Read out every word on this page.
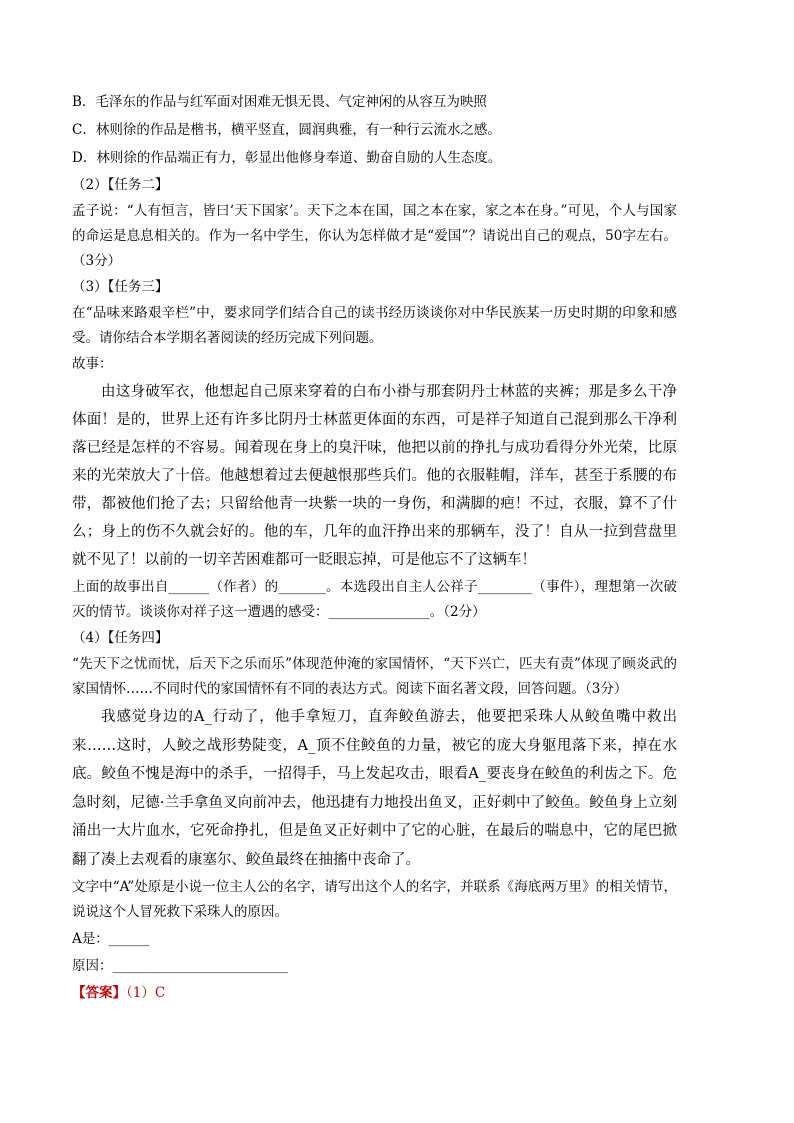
B．毛泽东的作品与红军面对困难无惧无畏、气定神闲的从容互为映照
C．林则徐的作品是楷书，横平竖直，圆润典雅，有一种行云流水之感。
D．林则徐的作品端正有力，彰显出他修身奉道、勤奋自励的人生态度。
（2）【任务二】

孟子说：“人有恒言，皆曰‘天下国家’。天下之本在国，国之本在家，家之本在身。”可见，个人与国家的命运是息息相关的。作为一名中学生，你认为怎样做才是“爱国”？请说出自己的观点，50字左右。（3分）

（3）【任务三】

在“品味来路艰辛栏”中，要求同学们结合自己的读书经历谈谈你对中华民族某一历史时期的印象和感受。请你结合本学期名著阅读的经历完成下列问题。

故事：

由这身破军衣，他想起自己原来穿着的白布小褂与那套阴丹士林蓝的夹裤；那是多么干净体面！是的，世界上还有许多比阴丹士林蓝更体面的东西，可是祥子知道自己混到那么干净利落已经是怎样的不容易。闻着现在身上的臭汗味，他把以前的挣扎与成功看得分外光荣，比原来的光荣放大了十倍。他越想着过去便越恨那些兵们。他的衣服鞋帽，洋车，甚至于系腰的布带，都被他们抢了去；只留给他青一块紫一块的一身伤，和满脚的疤！不过，衣服，算不了什么；身上的伤不久就会好的。他的车，几年的血汗挣出来的那辆车，没了！自从一拉到营盘里就不见了！以前的一切辛苦困难都可一眨眼忘掉，可是他忘不了这辆车！

上面的故事出自______（作者）的_______。本选段出自主人公祥子________（事件），理想第一次破灭的情节。谈谈你对祥子这一遭遇的感受：_______________。（2分）

（4）【任务四】

“先天下之忧而忧，后天下之乐而乐”体现范仲淹的家国情怀，“天下兴亡，匹夫有责”体现了顾炎武的家国情怀……不同时代的家国情怀有不同的表达方式。阅读下面名著文段，回答问题。（3分）

我感觉身边的A_行动了，他手拿短刀，直奔鲛鱼游去，他要把采珠人从鲛鱼嘴中救出来……这时，人鲛之战形势陡变，A_顶不住鲛鱼的力量，被它的庞大身躯甩落下来，掉在水底。鲛鱼不愧是海中的杀手，一招得手，马上发起攻击，眼看A_要丧身在鲛鱼的利齿之下。危急时刻，尼德·兰手拿鱼叉向前冲去，他迅捷有力地投出鱼叉，正好刺中了鲛鱼。鲛鱼身上立刻涌出一大片血水，它死命挣扎，但是鱼叉正好刺中了它的心脏，在最后的喘息中，它的尾巴掀翻了凑上去观看的康塞尔、鲛鱼最终在抽搐中丧命了。

文字中“A”处原是小说一位主人公的名字，请写出这个人的名字，并联系《海底两万里》的相关情节，说说这个人冒死救下采珠人的原因。

A是：______
原因：__________________________
【答案】（1）C
